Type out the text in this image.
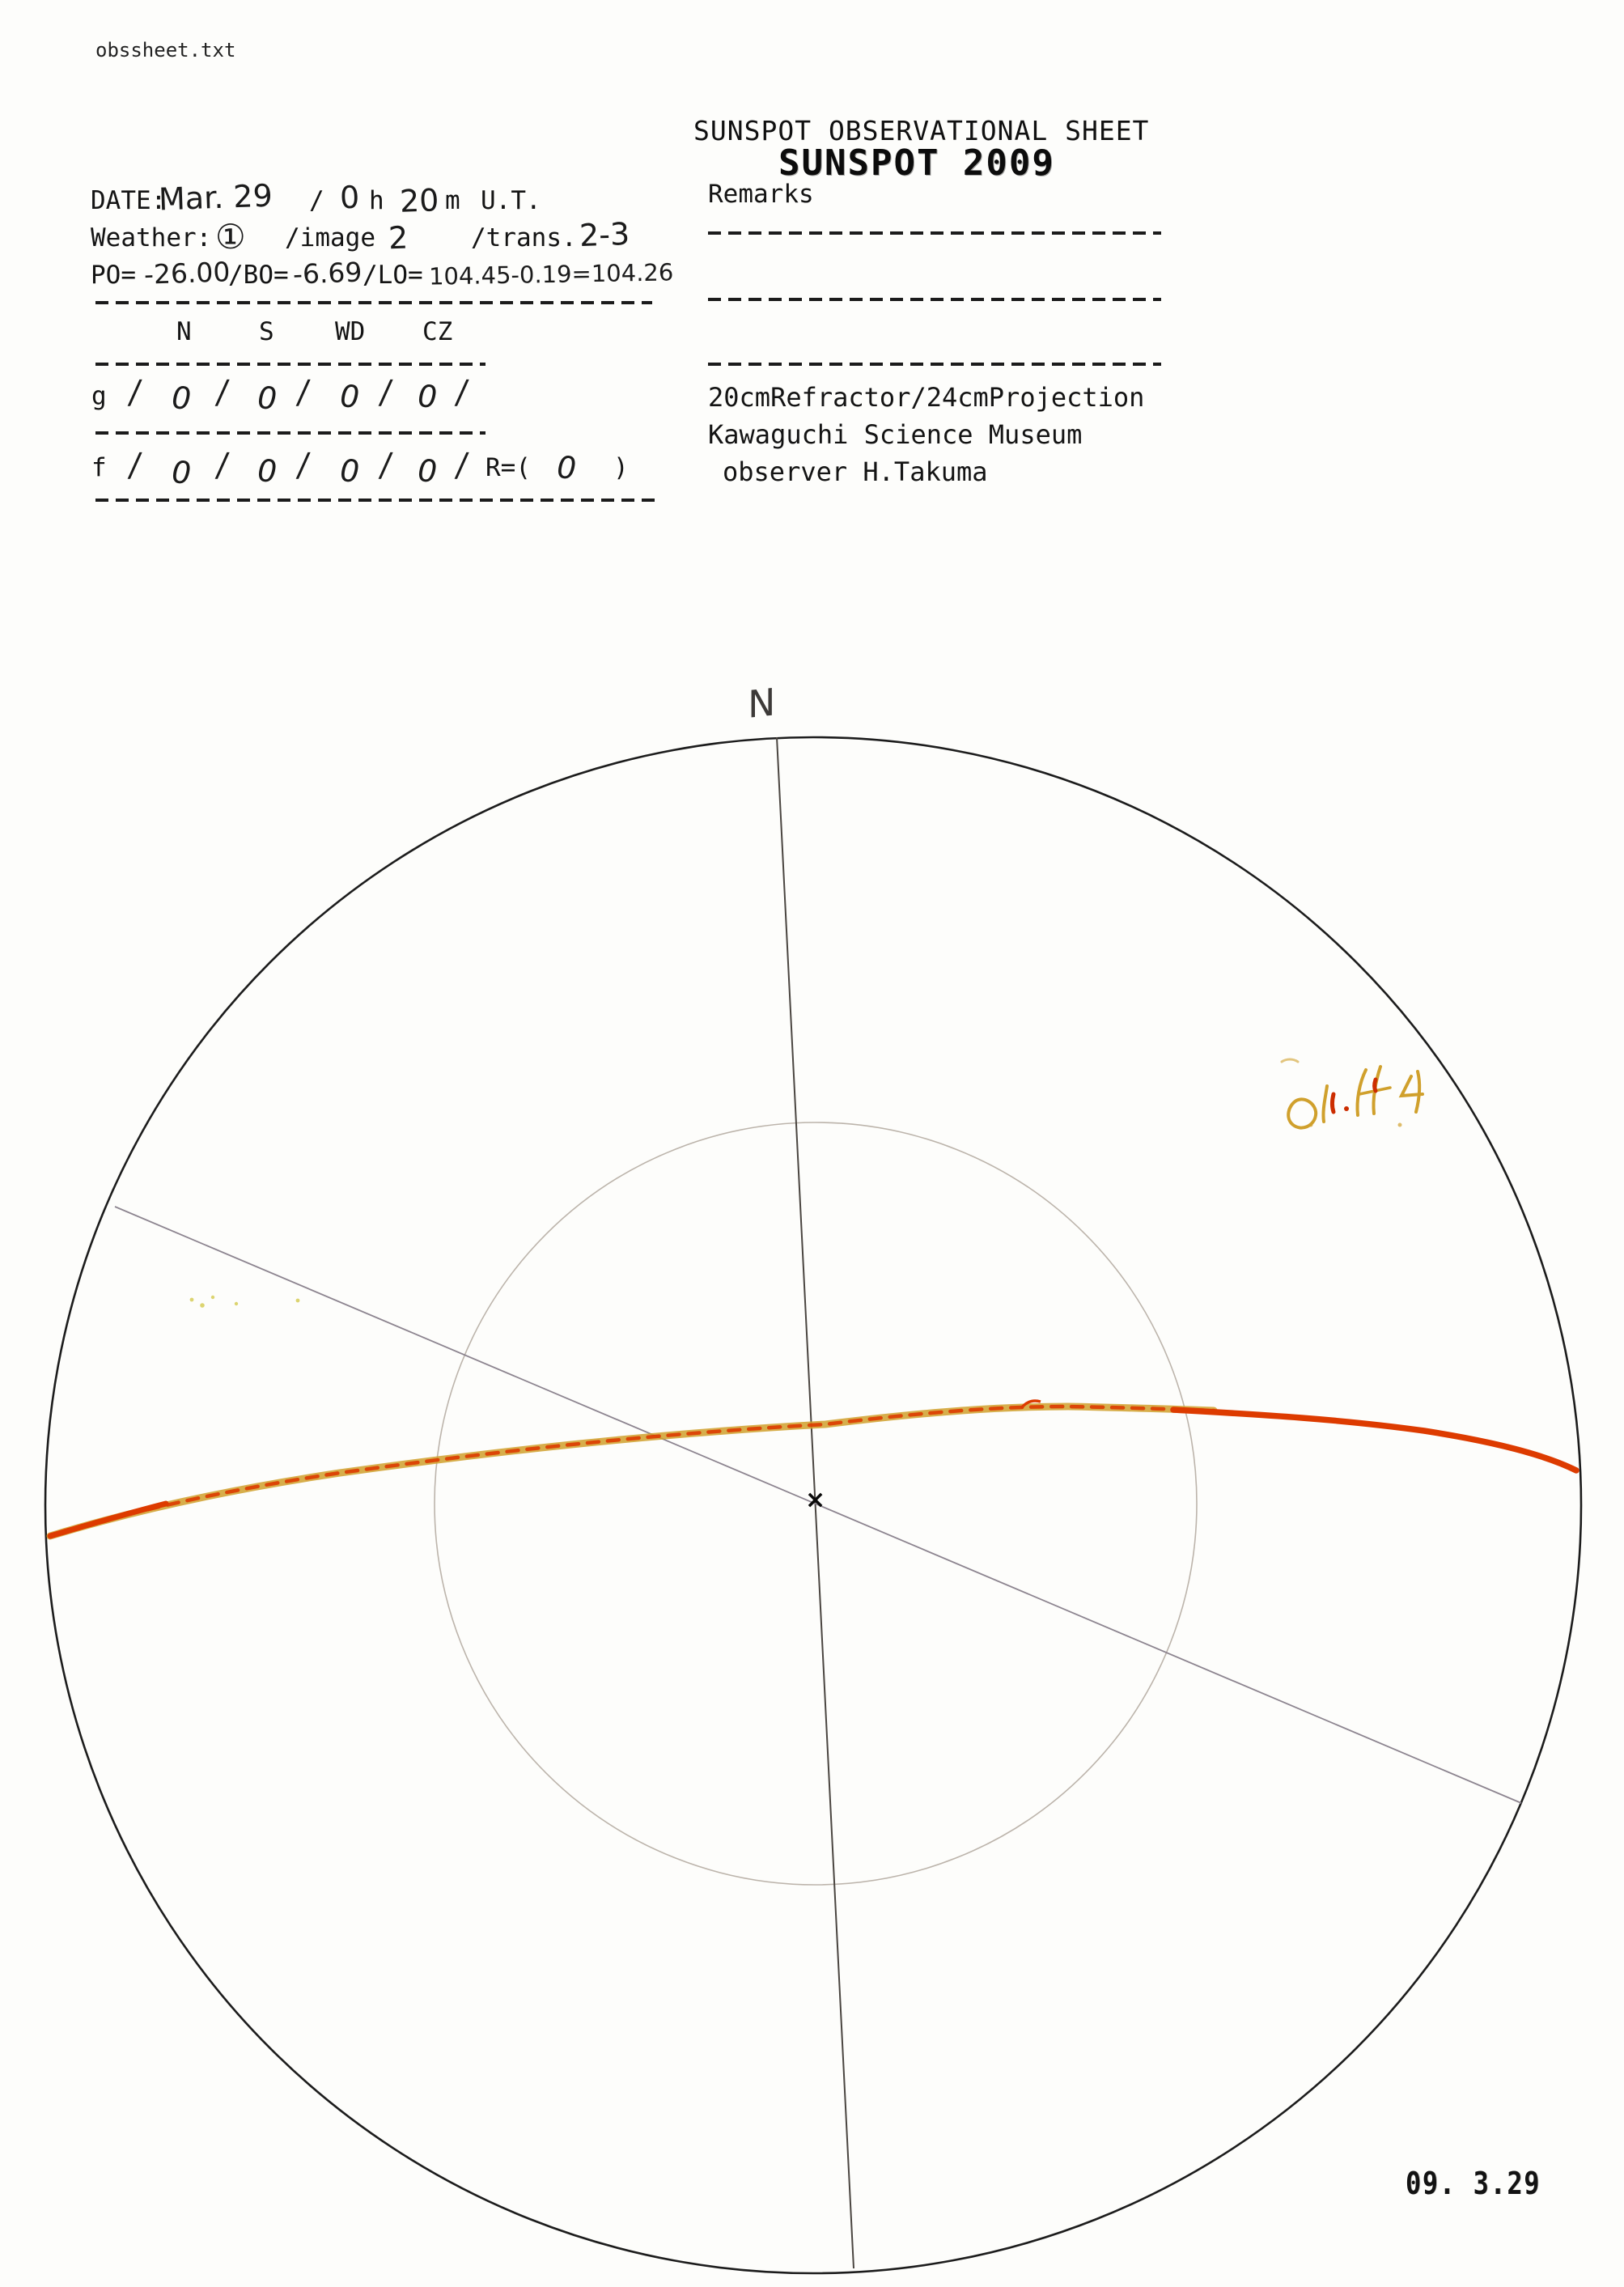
obssheet.txt
SUNSPOT OBSERVATIONAL SHEET
SUNSPOT 2009
DATE:
Mar. 29 / 0 h 20 m U.T.
Weather: ① /image 2 /trans. 2-3
PO= -26.00
/BO= -6.69 /LO= 104.45-0.19=104.26
N	S WD CZ
g / 0 / 0 / 0 / 0 /
f / 0 / 0 / 0 / 0 / R=( 0 )
Remarks
20cmRefractor/24cmProjection
Kawaguchi Science Museum
observer H.Takuma
N
×
09. 3.29
